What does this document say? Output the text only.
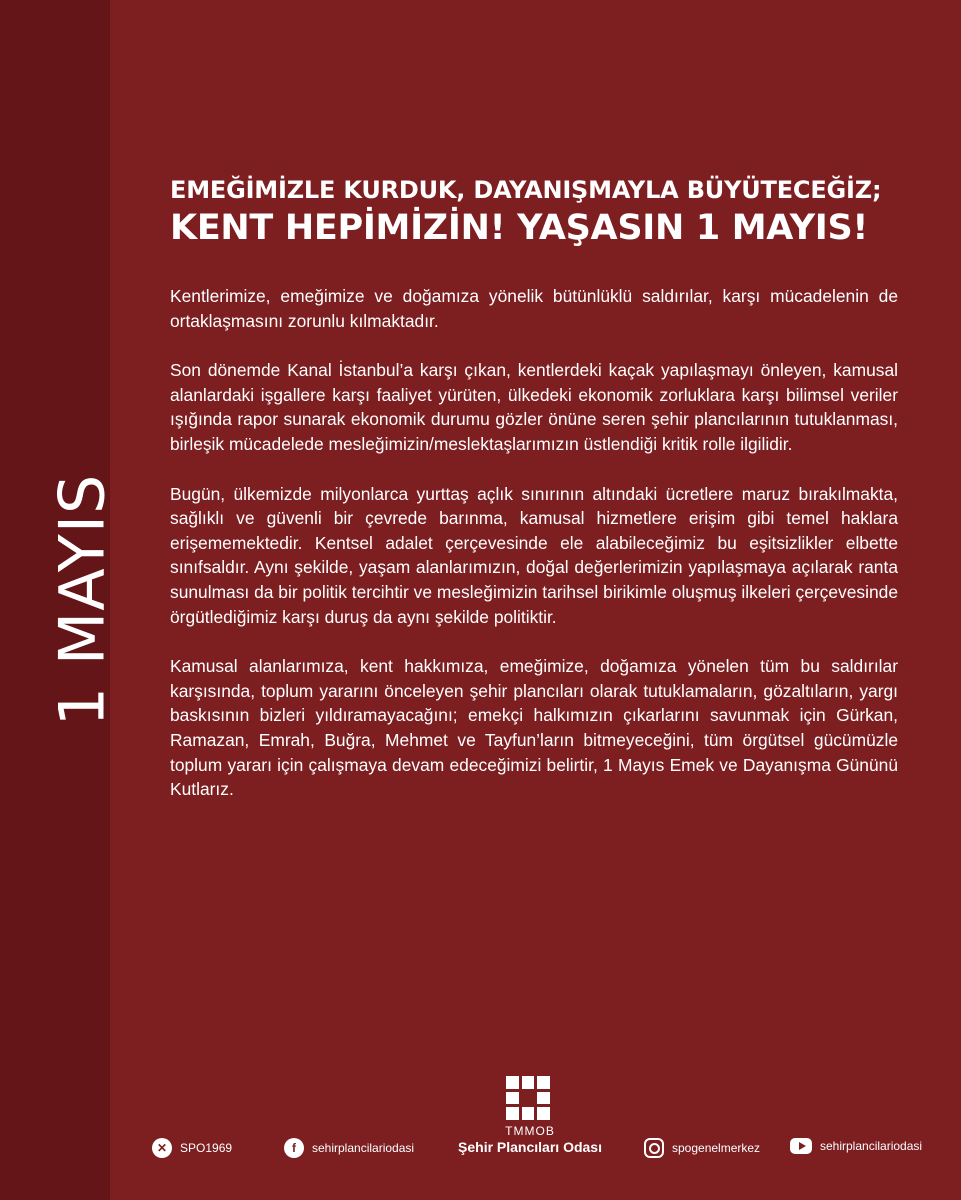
1 MAYIS
EMEĞİMİZLE KURDUK, DAYANIŞMAYLA BÜYÜTECEĞİZ;
KENT HEPİMİZİN! YAŞASIN 1 MAYIS!

Kentlerimize, emeğimize ve doğamıza yönelik bütünlüklü saldırılar, karşı mücadelenin de ortaklaşmasını zorunlu kılmaktadır.

Son dönemde Kanal İstanbul’a karşı çıkan, kentlerdeki kaçak yapılaşmayı önleyen, kamusal alanlardaki işgallere karşı faaliyet yürüten, ülkedeki ekonomik zorluklara karşı bilimsel veriler ışığında rapor sunarak ekonomik durumu gözler önüne seren şehir plancılarının tutuklanması, birleşik mücadelede mesleğimizin/meslektaşlarımızın üstlendiği kritik rolle ilgilidir.

Bugün, ülkemizde milyonlarca yurttaş açlık sınırının altındaki ücretlere maruz bırakılmakta, sağlıklı ve güvenli bir çevrede barınma, kamusal hizmetlere erişim gibi temel haklara erişememektedir. Kentsel adalet çerçevesinde ele alabileceğimiz bu eşitsizlikler elbette sınıfsaldır. Aynı şekilde, yaşam alanlarımızın, doğal değerlerimizin yapılaşmaya açılarak ranta sunulması da bir politik tercihtir ve mesleğimizin tarihsel birikimle oluşmuş ilkeleri çerçevesinde örgütlediğimiz karşı duruş da aynı şekilde politiktir.

Kamusal alanlarımıza, kent hakkımıza, emeğimize, doğamıza yönelen tüm bu saldırılar karşısında, toplum yararını önceleyen şehir plancıları olarak tutuklamaların, gözaltıların, yargı baskısının bizleri yıldıramayacağını; emekçi halkımızın çıkarlarını savunmak için Gürkan, Ramazan, Emrah, Buğra, Mehmet ve Tayfun’ların bitmeyeceğini, tüm örgütsel gücümüzle toplum yararı için çalışmaya devam edeceğimizi belirtir, 1 Mayıs Emek ve Dayanışma Gününü Kutlarız.

TMMOB
Şehir Plancıları Odası
✕	SPO1969	f	sehirplancilariodasi	spogenelmerkez	sehirplancilariodasi
